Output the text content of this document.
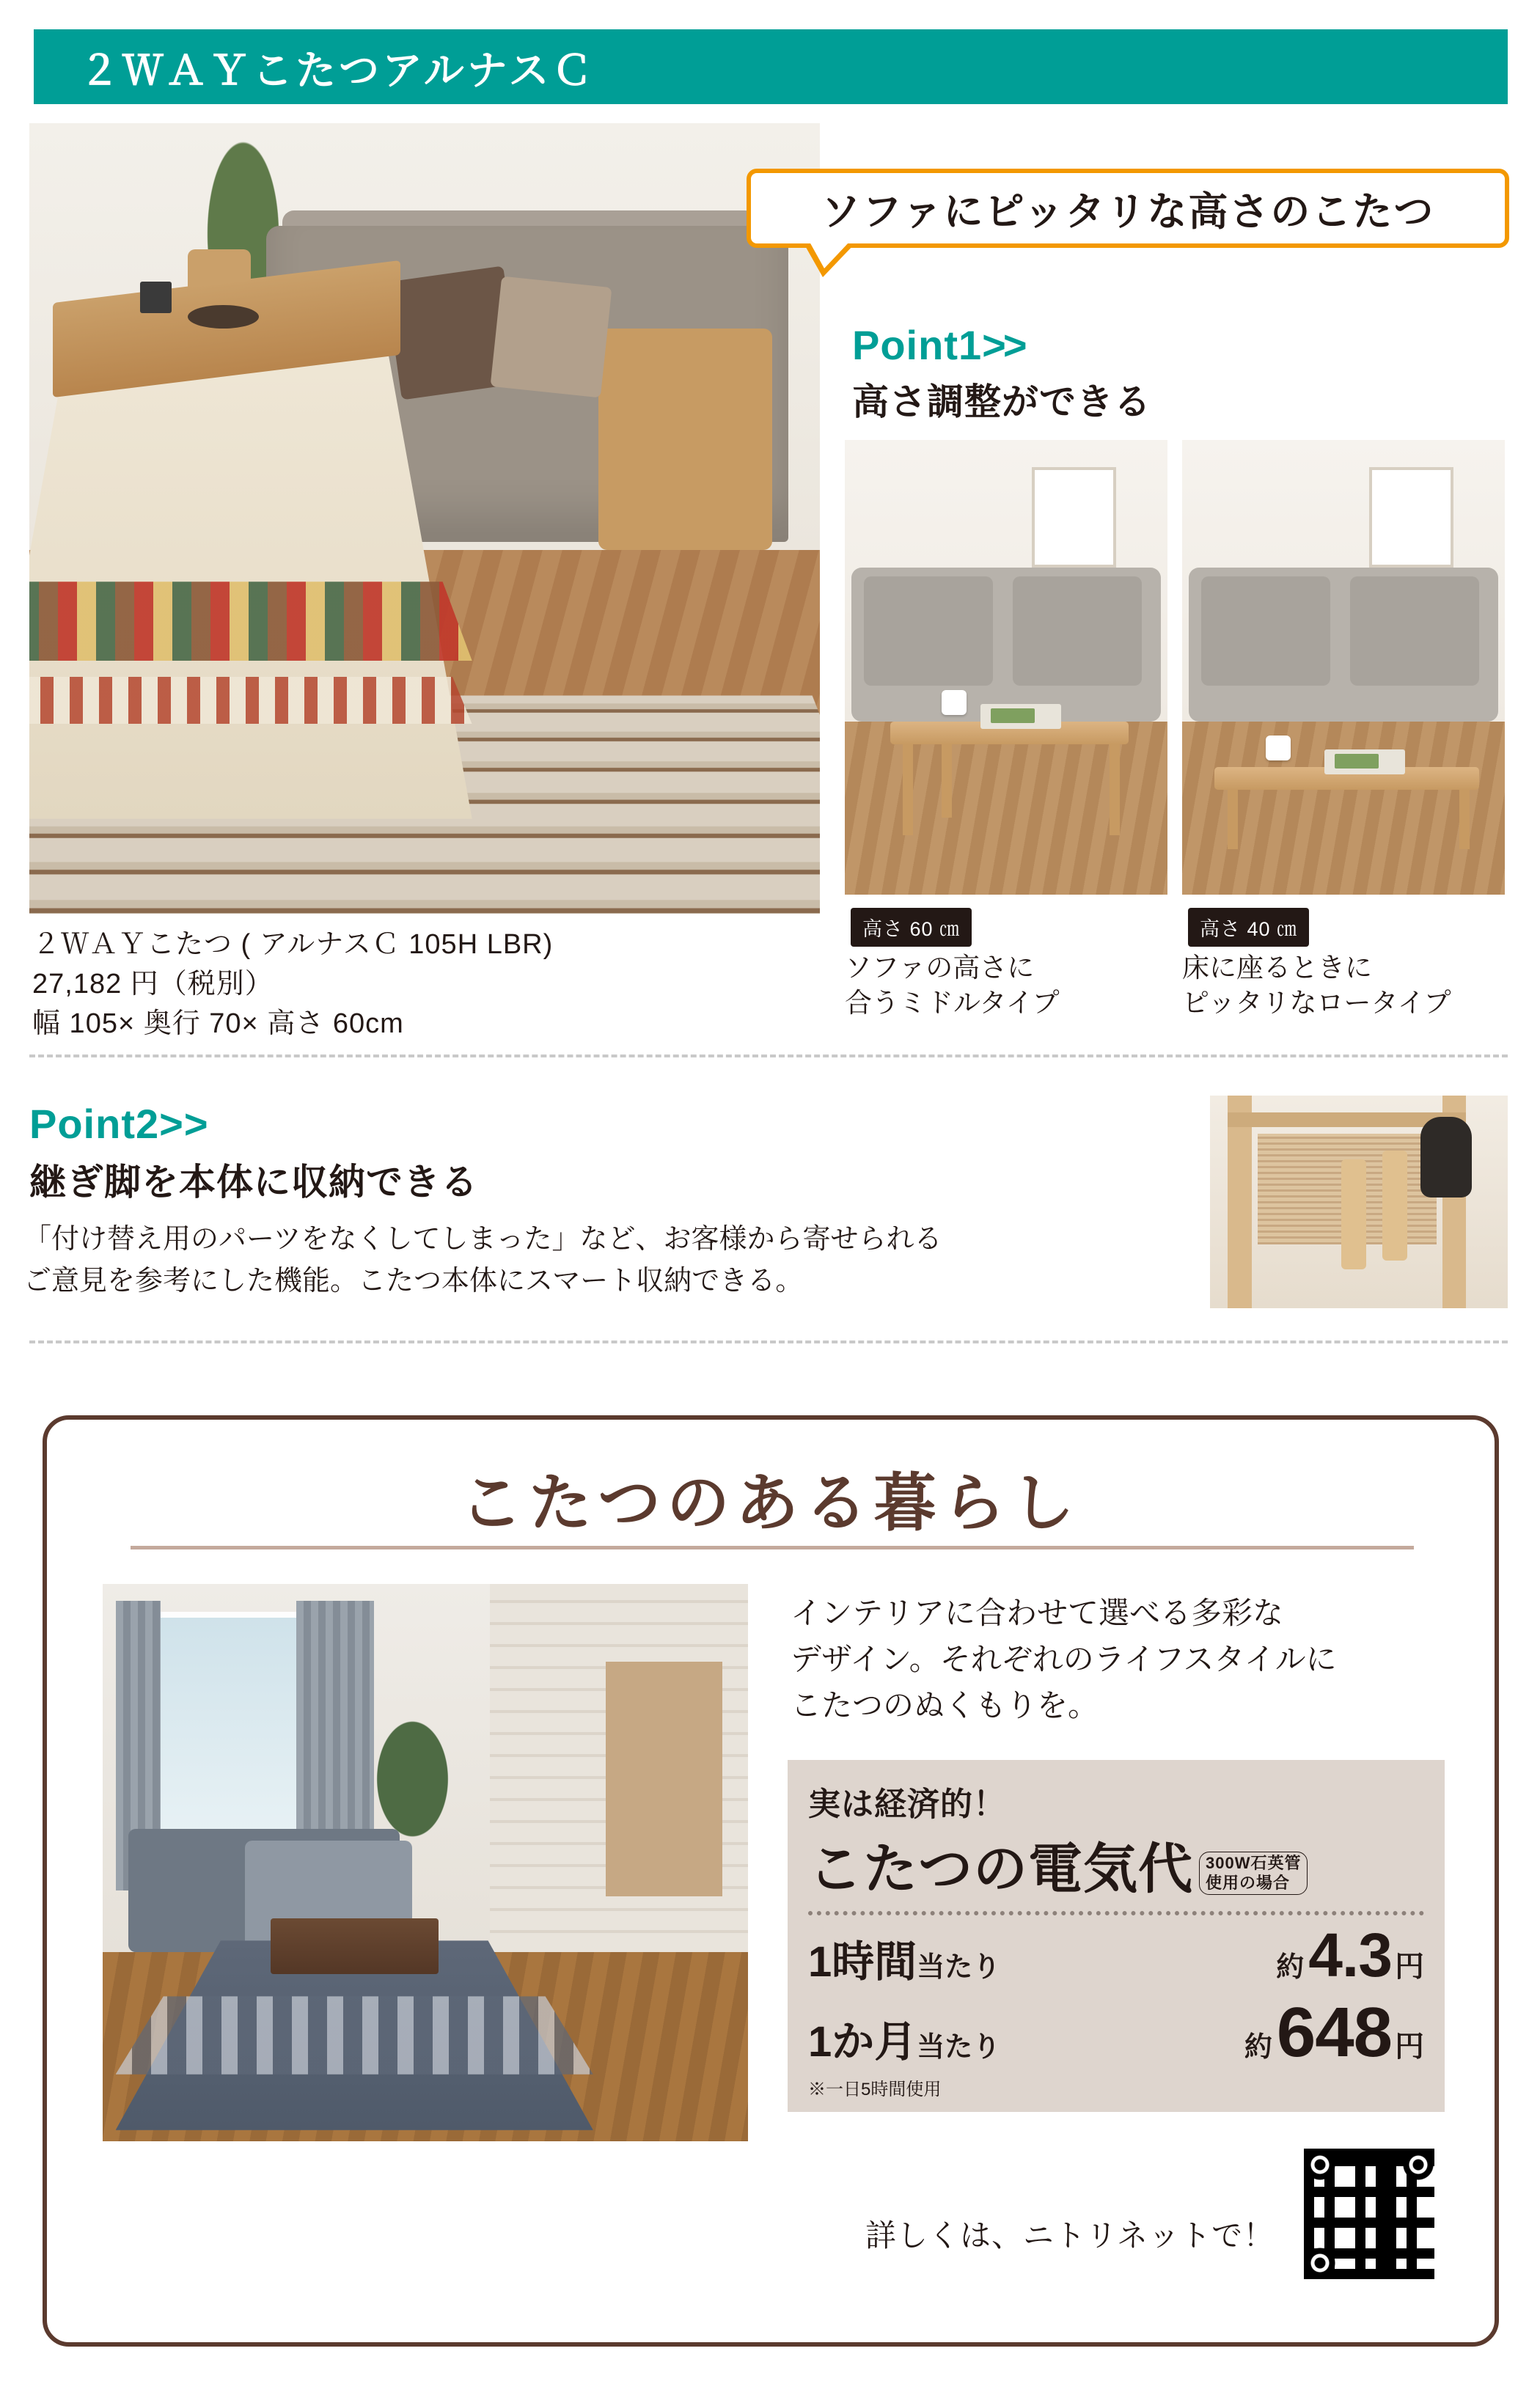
２ＷＡＹこたつアルナスＣ
２ＷＡＹこたつ ( アルナスＣ 105H LBR)
27,182 円（税別）
幅 105× 奥行 70× 高さ 60cm
ソファにピッタリな高さのこたつ
Point1>>
高さ調整ができる
高さ 60 ㎝
ソファの高さに
合うミドルタイプ
高さ 40 ㎝
床に座るときに
ピッタリなロータイプ
Point2>>
継ぎ脚を本体に収納できる
「付け替え用のパーツをなくしてしまった」など、お客様から寄せられる
ご意見を参考にした機能。こたつ本体にスマート収納できる。
こたつのある暮らし
インテリアに合わせて選べる多彩な
デザイン。それぞれのライフスタイルに
こたつのぬくもりを。
実は経済的！
こたつの電気代 300W石英管
使用の場合
1時間 当たり	約 4.3 円
1か月 当たり	約 648 円
※一日5時間使用
詳しくは、ニトリネットで！
